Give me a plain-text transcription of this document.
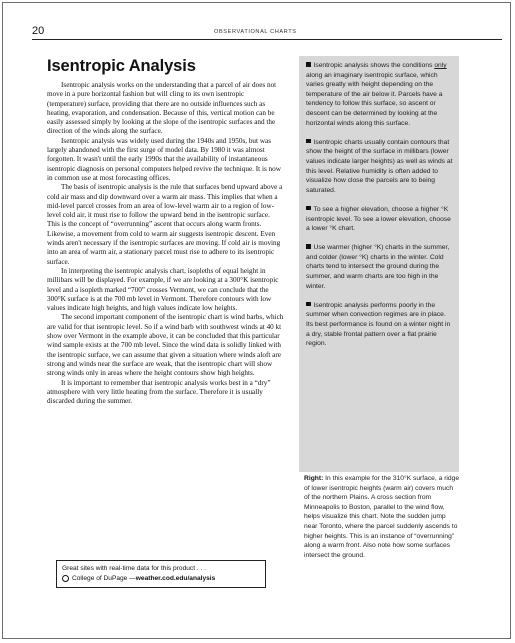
20	OBSERVATIONAL CHARTS
Isentropic Analysis

Isentropic analysis works on the understanding that a parcel of air does not move in a pure horizontal fashion but will cling to its own isentropic (temperature) surface, providing that there are no outside influences such as heating, evaporation, and condensation. Because of this, vertical motion can be easily assessed simply by looking at the slope of the isentropic surfaces and the direction of the winds along the surface.

Isentropic analysis was widely used during the 1940s and 1950s, but was largely abandoned with the first surge of model data. By 1980 it was almost forgotten. It wasn't until the early 1990s that the availability of instantaneous isentropic diagnosis on personal computers helped revive the technique. It is now in common use at most forecasting offices.

The basis of isentropic analysis is the rule that surfaces bend upward above a cold air mass and dip downward over a warm air mass. This implies that when a mid-level parcel crosses from an area of low-level warm air to a region of low-level cold air, it must rise to follow the upward bend in the isentropic surface. This is the concept of “overrunning” ascent that occurs along warm fronts. Likewise, a movement from cold to warm air suggests isentropic descent. Even winds aren't necessary if the isentropic surfaces are moving. If cold air is moving into an area of warm air, a stationary parcel must rise to adhere to its isentropic surface.

In interpreting the isentropic analysis chart, isopleths of equal height in millibars will be displayed. For example, if we are looking at a 300°K isentropic level and a isopleth marked “700” crosses Vermont, we can conclude that the 300°K surface is at the 700 mb level in Vermont. Therefore contours with low values indicate high heights, and high values indicate low heights.

The second important component of the isentropic chart is wind barbs, which are valid for that isentropic level. So if a wind barb with southwest winds at 40 kt show over Vermont in the example above, it can be concluded that this particular wind sample exists at the 700 mb level. Since the wind data is solidly linked with the isentropic surface, we can assume that given a situation where winds aloft are strong and winds near the surface are weak, that the isentropic chart will show strong winds only in areas where the height contours show high heights.

It is important to remember that isentropic analysis works best in a “dry” atmosphere with very little heating from the surface. Therefore it is usually discarded during the summer.

Great sites with real-time data for this product . . .
College of DuPage — weather.cod.edu/analysis

Isentropic analysis shows the conditions only along an imaginary isentropic surface, which varies greatly with height depending on the temperature of the air below it. Parcels have a tendency to follow this surface, so ascent or descent can be determined by looking at the horizontal winds along this surface.

Isentropic charts usually contain contours that show the height of the surface in millibars (lower values indicate larger heights) as well as winds at this level. Relative humidity is often added to visualize how close the parcels are to being saturated.

To see a higher elevation, choose a higher °K isentropic level. To see a lower elevation, choose a lower °K chart.

Use warmer (higher °K) charts in the summer, and colder (lower °K) charts in the winter. Cold charts tend to intersect the ground during the summer, and warm charts are too high in the winter.

Isentropic analysis performs poorly in the summer when convection regimes are in place. Its best performance is found on a winter night in a dry, stable frontal pattern over a flat prairie region.

Right: In this example for the 310°K surface, a ridge of lower isentropic heights (warm air) covers much of the northern Plains. A cross section from Minneapolis to Boston, parallel to the wind flow, helps visualize this chart. Note the sudden jump near Toronto, where the parcel suddenly ascends to higher heights. This is an instance of “overrunning” along a warm front. Also note how some surfaces intersect the ground.
